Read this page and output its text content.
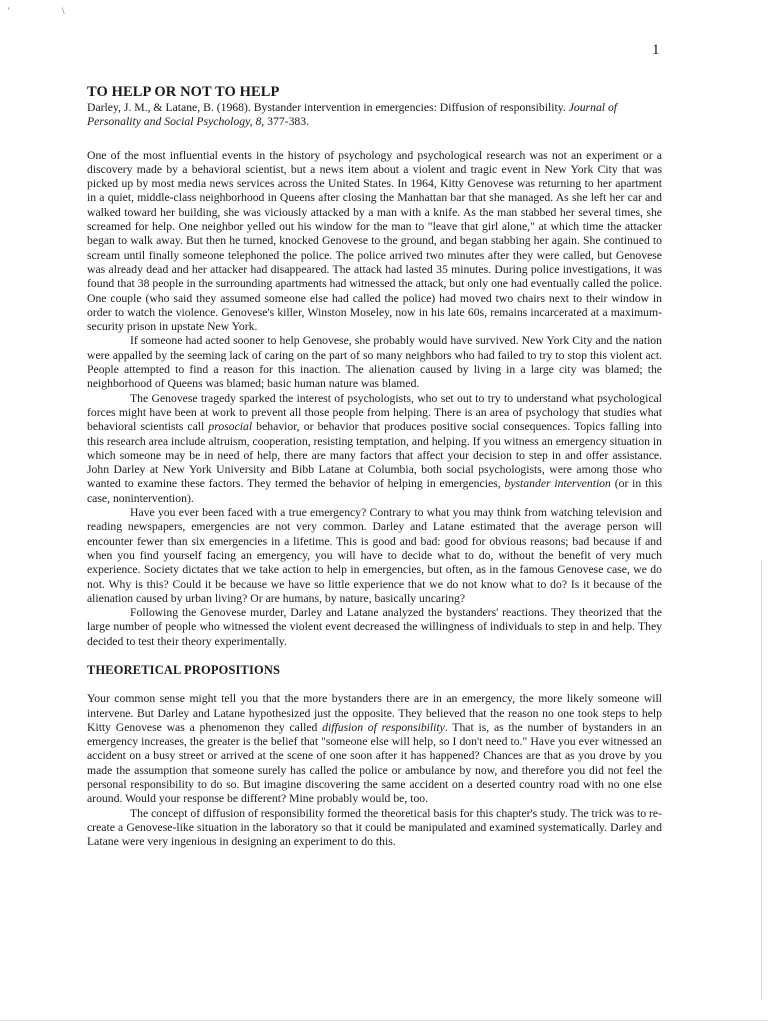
'	\
1
TO HELP OR NOT TO HELP
Darley, J. M., & Latane, B. (1968). Bystander intervention in emergencies: Diffusion of responsibility. Journal of Personality and Social Psychology, 8, 377-383.

One of the most influential events in the history of psychology and psychological research was not an experiment or a discovery made by a behavioral scientist, but a news item about a violent and tragic event in New York City that was picked up by most media news services across the United States. In 1964, Kitty Genovese was returning to her apartment in a quiet, middle-class neighborhood in Queens after closing the Manhattan bar that she managed. As she left her car and walked toward her building, she was viciously attacked by a man with a knife. As the man stabbed her several times, she screamed for help. One neighbor yelled out his window for the man to "leave that girl alone," at which time the attacker began to walk away. But then he turned, knocked Genovese to the ground, and began stabbing her again. She continued to scream until finally someone telephoned the police. The police arrived two minutes after they were called, but Genovese was already dead and her attacker had disappeared. The attack had lasted 35 minutes. During police investigations, it was found that 38 people in the surrounding apartments had witnessed the attack, but only one had eventually called the police. One couple (who said they assumed someone else had called the police) had moved two chairs next to their window in order to watch the violence. Genovese's killer, Winston Moseley, now in his late 60s, remains incarcerated at a maximum-security prison in upstate New York.

If someone had acted sooner to help Genovese, she probably would have survived. New York City and the nation were appalled by the seeming lack of caring on the part of so many neighbors who had failed to try to stop this violent act. People attempted to find a reason for this inaction. The alienation caused by living in a large city was blamed; the neighborhood of Queens was blamed; basic human nature was blamed.

The Genovese tragedy sparked the interest of psychologists, who set out to try to understand what psychological forces might have been at work to prevent all those people from helping. There is an area of psychology that studies what behavioral scientists call prosocial behavior, or behavior that produces positive social consequences. Topics falling into this research area include altruism, cooperation, resisting temptation, and helping. If you witness an emergency situation in which someone may be in need of help, there are many factors that affect your decision to step in and offer assistance. John Darley at New York University and Bibb Latane at Columbia, both social psychologists, were among those who wanted to examine these factors. They termed the behavior of helping in emergencies, bystander intervention (or in this case, nonintervention).

Have you ever been faced with a true emergency? Contrary to what you may think from watching television and reading newspapers, emergencies are not very common. Darley and Latane estimated that the average person will encounter fewer than six emergencies in a lifetime. This is good and bad: good for obvious reasons; bad because if and when you find yourself facing an emergency, you will have to decide what to do, without the benefit of very much experience. Society dictates that we take action to help in emergencies, but often, as in the famous Genovese case, we do not. Why is this? Could it be because we have so little experience that we do not know what to do? Is it because of the alienation caused by urban living? Or are humans, by nature, basically uncaring?

Following the Genovese murder, Darley and Latane analyzed the bystanders' reactions. They theorized that the large number of people who witnessed the violent event decreased the willingness of individuals to step in and help. They decided to test their theory experimentally.

THEORETICAL PROPOSITIONS

Your common sense might tell you that the more bystanders there are in an emergency, the more likely someone will intervene. But Darley and Latane hypothesized just the opposite. They believed that the reason no one took steps to help Kitty Genovese was a phenomenon they called diffusion of responsibility. That is, as the number of bystanders in an emergency increases, the greater is the belief that "someone else will help, so I don't need to." Have you ever witnessed an accident on a busy street or arrived at the scene of one soon after it has happened? Chances are that as you drove by you made the assumption that someone surely has called the police or ambulance by now, and therefore you did not feel the personal responsibility to do so. But imagine discovering the same accident on a deserted country road with no one else around. Would your response be different? Mine probably would be, too.

The concept of diffusion of responsibility formed the theoretical basis for this chapter's study. The trick was to re-create a Genovese-like situation in the laboratory so that it could be manipulated and examined systematically. Darley and Latane were very ingenious in designing an experiment to do this.
